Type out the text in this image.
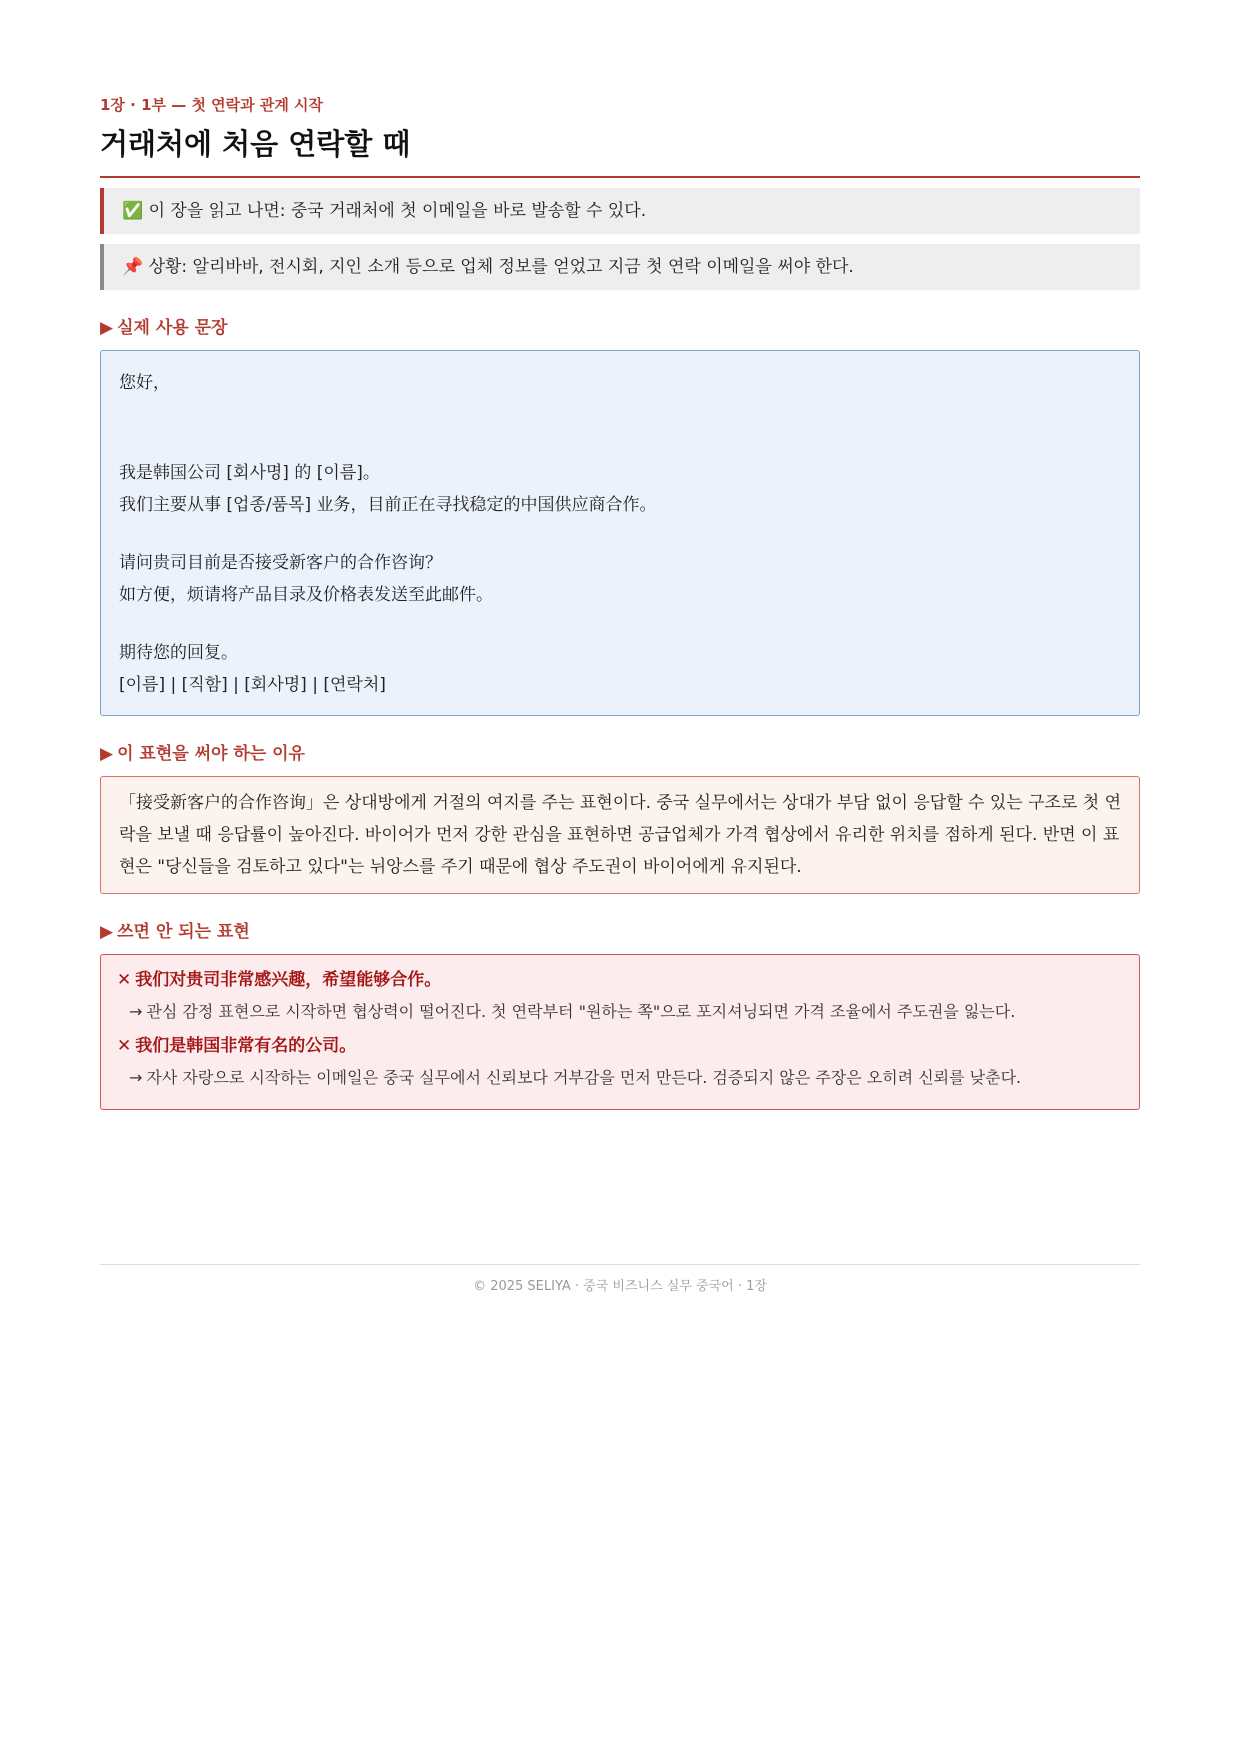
1장 · 1부 — 첫 연락과 관계 시작
거래처에 처음 연락할 때
✅ 이 장을 읽고 나면: 중국 거래처에 첫 이메일을 바로 발송할 수 있다.
📌 상황: 알리바바, 전시회, 지인 소개 등으로 업체 정보를 얻었고 지금 첫 연락 이메일을 써야 한다.
▶ 실제 사용 문장
您好，
我是韩国公司 [회사명] 的 [이름]。
我们主要从事 [업종/품목] 业务，目前正在寻找稳定的中国供应商合作。
请问贵司目前是否接受新客户的合作咨询？
如方便，烦请将产品目录及价格表发送至此邮件。
期待您的回复。
[이름] | [직함] | [회사명] | [연락처]
▶ 이 표현을 써야 하는 이유
「接受新客户的合作咨询」은 상대방에게 거절의 여지를 주는 표현이다. 중국 실무에서는 상대가 부담 없이 응답할 수 있는 구조로 첫 연락을 보낼 때 응답률이 높아진다. 바이어가 먼저 강한 관심을 표현하면 공급업체가 가격 협상에서 유리한 위치를 점하게 된다. 반면 이 표현은 "당신들을 검토하고 있다"는 뉘앙스를 주기 때문에 협상 주도권이 바이어에게 유지된다.
▶ 쓰면 안 되는 표현
✕ 我们对贵司非常感兴趣，希望能够合作。
→ 관심 감정 표현으로 시작하면 협상력이 떨어진다. 첫 연락부터 "원하는 쪽"으로 포지셔닝되면 가격 조율에서 주도권을 잃는다.
✕ 我们是韩国非常有名的公司。
→ 자사 자랑으로 시작하는 이메일은 중국 실무에서 신뢰보다 거부감을 먼저 만든다. 검증되지 않은 주장은 오히려 신뢰를 낮춘다.
© 2025 SELIYA · 중국 비즈니스 실무 중국어 · 1장
